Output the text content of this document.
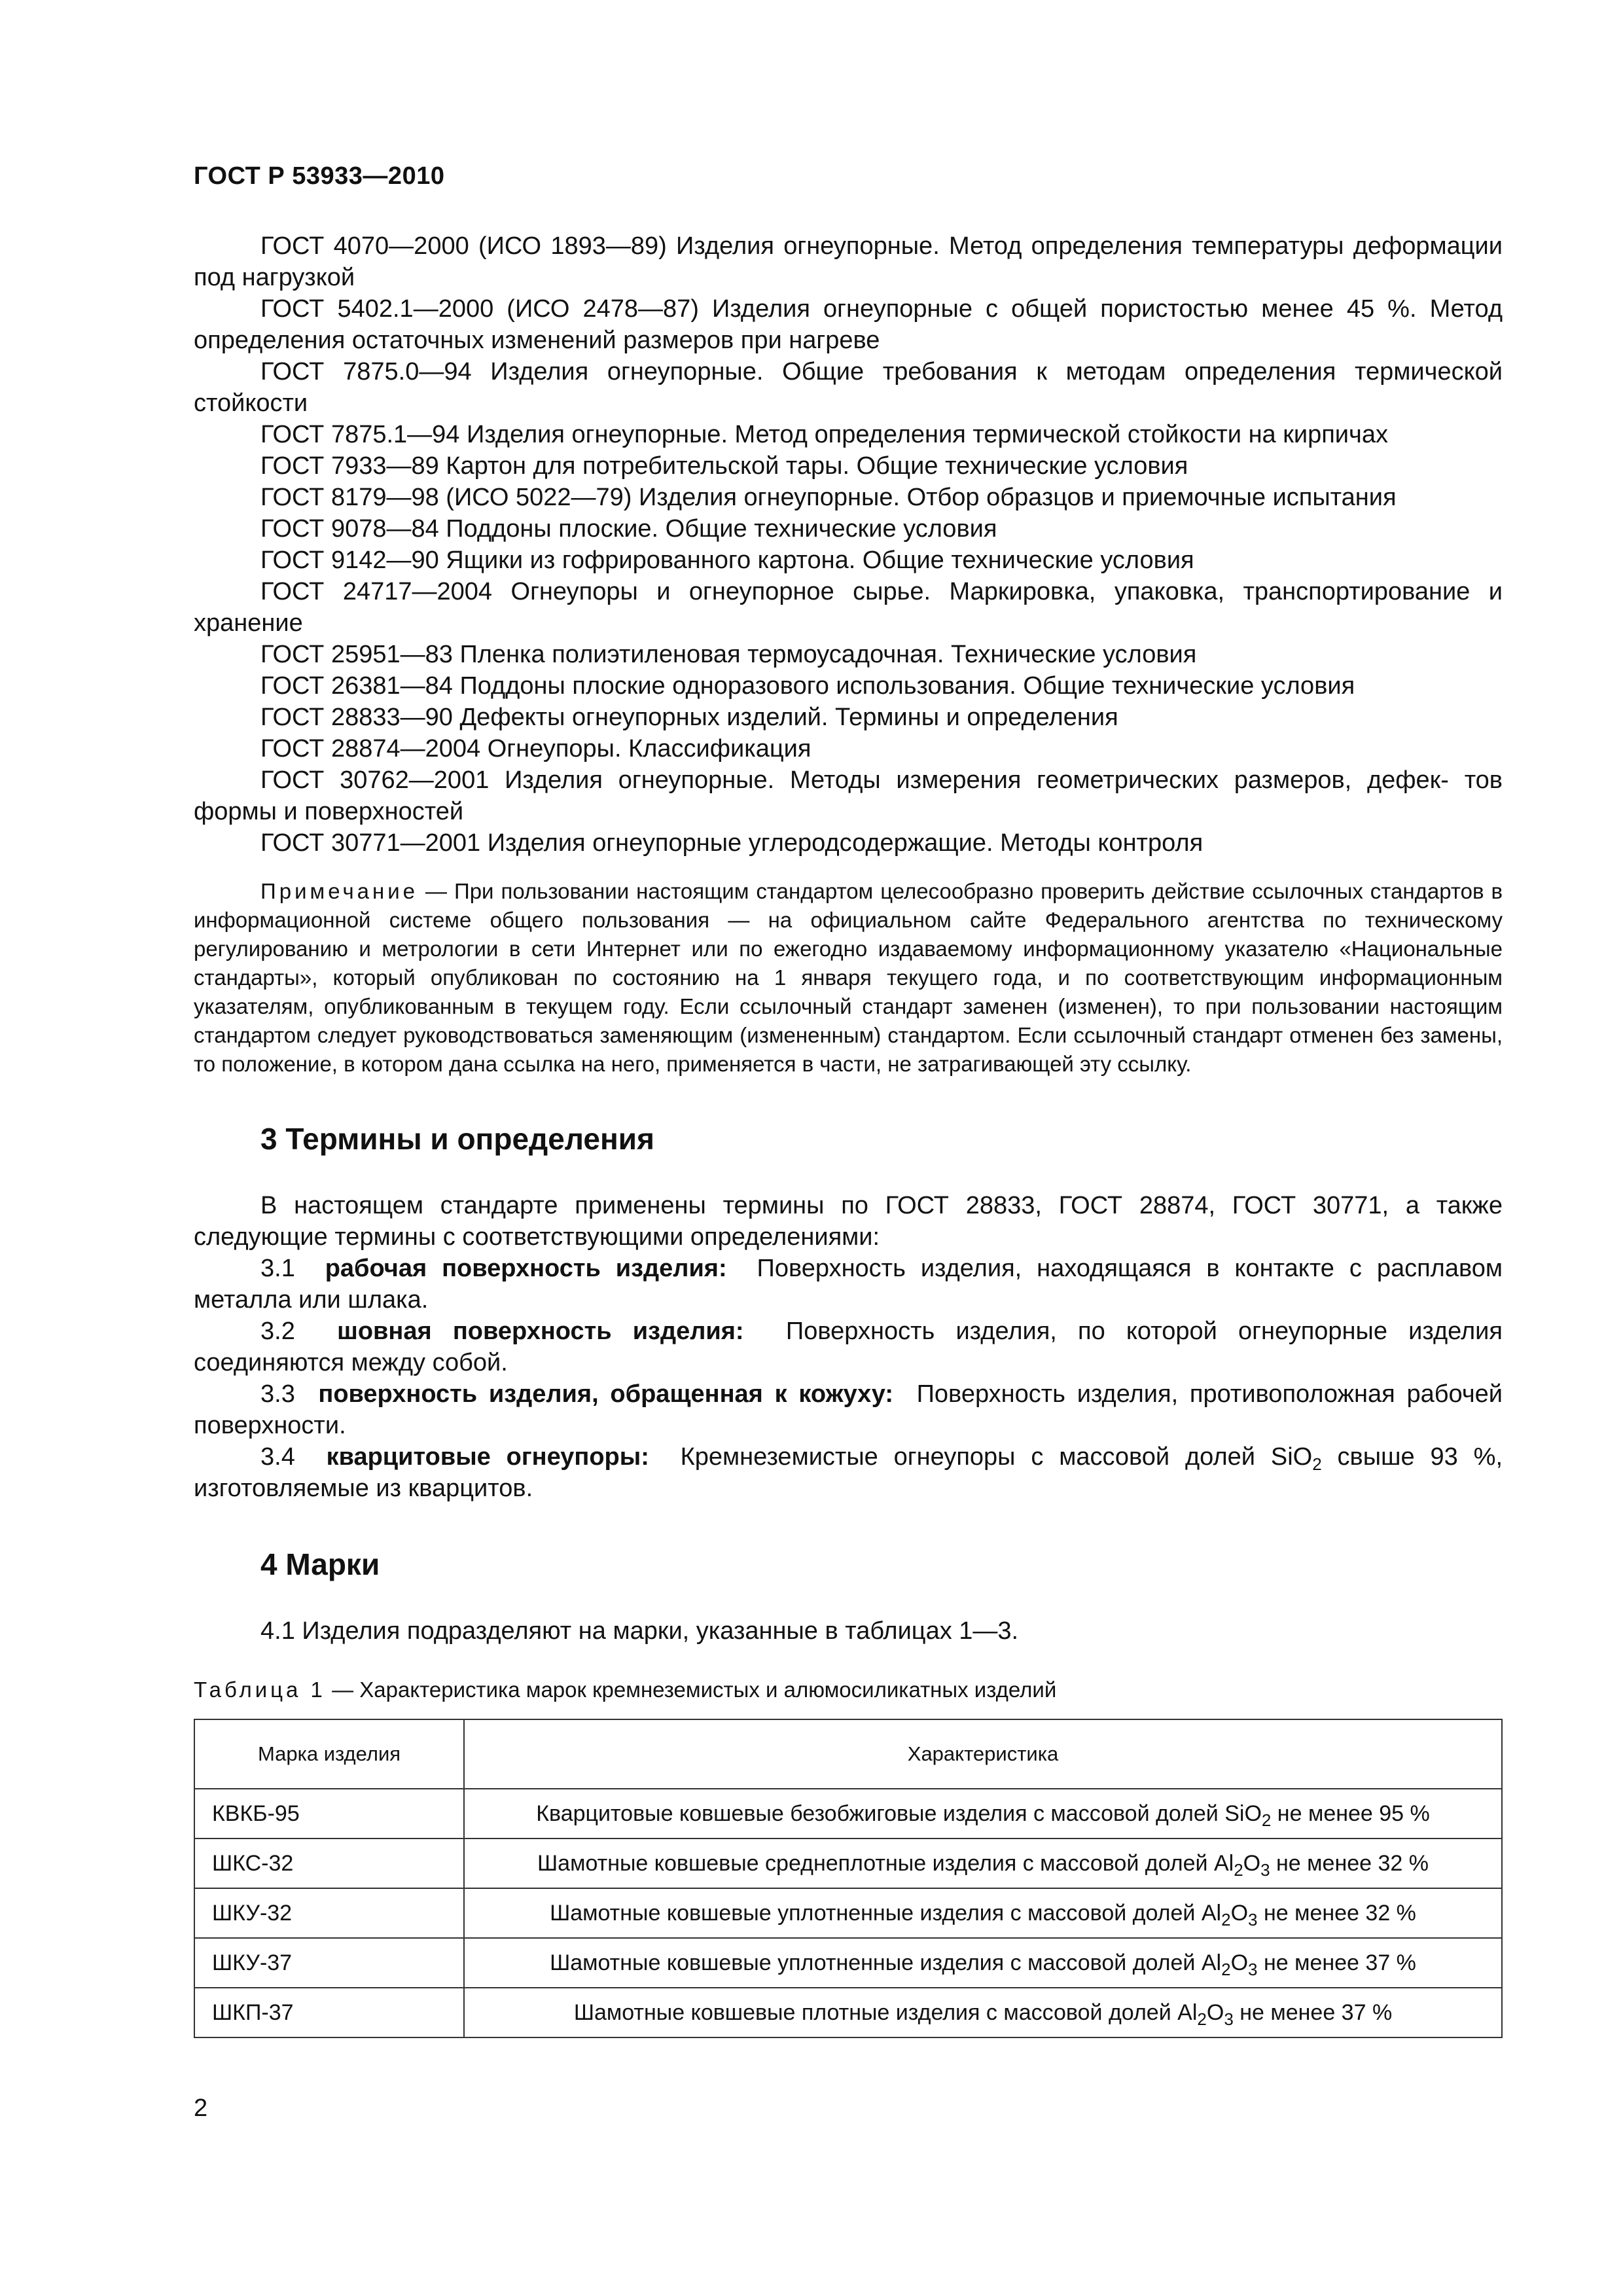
ГОСТ Р 53933—2010

ГОСТ 4070—2000 (ИСО 1893—89) Изделия огнеупорные. Метод определения температуры деформации под нагрузкой

ГОСТ 5402.1—2000 (ИСО 2478—87) Изделия огнеупорные с общей пористостью менее 45 %. Метод определения остаточных изменений размеров при нагреве

ГОСТ 7875.0—94 Изделия огнеупорные. Общие требования к методам определения термической стойкости

ГОСТ 7875.1—94 Изделия огнеупорные. Метод определения термической стойкости на кирпичах

ГОСТ 7933—89 Картон для потребительской тары. Общие технические условия

ГОСТ 8179—98 (ИСО 5022—79) Изделия огнеупорные. Отбор образцов и приемочные испытания

ГОСТ 9078—84 Поддоны плоские. Общие технические условия

ГОСТ 9142—90 Ящики из гофрированного картона. Общие технические условия

ГОСТ 24717—2004 Огнеупоры и огнеупорное сырье. Маркировка, упаковка, транспортирование и хранение

ГОСТ 25951—83 Пленка полиэтиленовая термоусадочная. Технические условия

ГОСТ 26381—84 Поддоны плоские одноразового использования. Общие технические условия

ГОСТ 28833—90 Дефекты огнеупорных изделий. Термины и определения

ГОСТ 28874—2004 Огнеупоры. Классификация

ГОСТ 30762—2001 Изделия огнеупорные. Методы измерения геометрических размеров, дефек- тов формы и поверхностей

ГОСТ 30771—2001 Изделия огнеупорные углеродсодержащие. Методы контроля

Примечание — При пользовании настоящим стандартом целесообразно проверить действие ссылочных стандартов в информационной системе общего пользования — на официальном сайте Федерального агентства по техническому регулированию и метрологии в сети Интернет или по ежегодно издаваемому информационному указателю «Национальные стандарты», который опубликован по состоянию на 1 января текущего года, и по соответствующим информационным указателям, опубликованным в текущем году. Если ссылочный стандарт заменен (изменен), то при пользовании настоящим стандартом следует руководствоваться заменяющим (измененным) стандартом. Если ссылочный стандарт отменен без замены, то положение, в котором дана ссылка на него, применяется в части, не затрагивающей эту ссылку.
3 Термины и определения

В настоящем стандарте применены термины по ГОСТ 28833, ГОСТ 28874, ГОСТ 30771, а также следующие термины с соответствующими определениями:

3.1 рабочая поверхность изделия: Поверхность изделия, находящаяся в контакте с расплавом металла или шлака.

3.2 шовная поверхность изделия: Поверхность изделия, по которой огнеупорные изделия соединяются между собой.

3.3 поверхность изделия, обращенная к кожуху: Поверхность изделия, противоположная рабочей поверхности.

3.4 кварцитовые огнеупоры: Кремнеземистые огнеупоры с массовой долей SiO$_2$ свыше 93 %, изготовляемые из кварцитов.

4 Марки

4.1 Изделия подразделяют на марки, указанные в таблицах 1—3.

Таблица 1 — Характеристика марок кремнеземистых и алюмосиликатных изделий
Марка изделия	Характеристика
КВКБ-95	Кварцитовые ковшевые безобжиговые изделия с массовой долей SiO$_2$ не менее 95 %
ШКС-32	Шамотные ковшевые среднеплотные изделия с массовой долей $Al_2O_3$ не менее 32 %
ШКУ-32	Шамотные ковшевые уплотненные изделия с массовой долей $Al_2O_3$ не менее 32 %
ШКУ-37	Шамотные ковшевые уплотненные изделия с массовой долей $Al_2O_3$ не менее 37 %
ШКП-37	Шамотные ковшевые плотные изделия с массовой долей $Al_2O_3$ не менее 37 %
2
